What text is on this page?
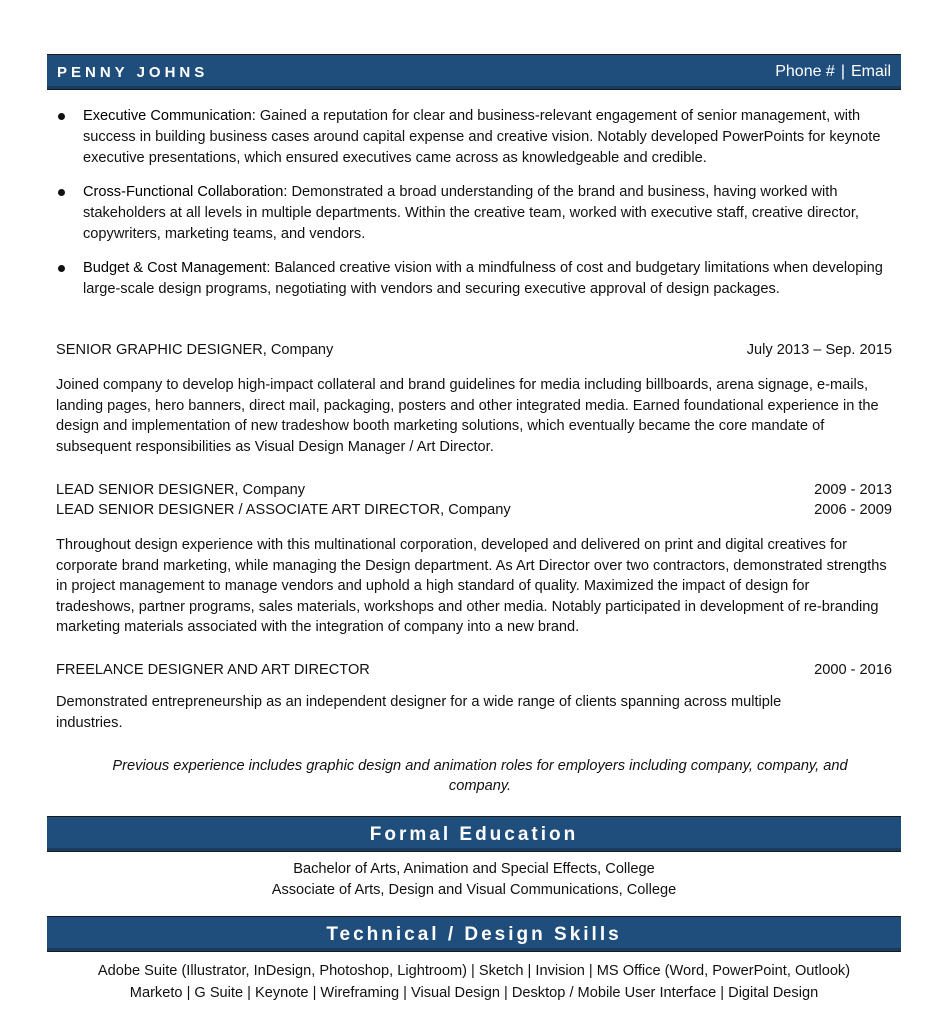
PENNY JOHNS	Phone # | Email
Executive Communication: Gained a reputation for clear and business-relevant engagement of senior management, with success in building business cases around capital expense and creative vision. Notably developed PowerPoints for keynote executive presentations, which ensured executives came across as knowledgeable and credible.
Cross-Functional Collaboration: Demonstrated a broad understanding of the brand and business, having worked with stakeholders at all levels in multiple departments. Within the creative team, worked with executive staff, creative director, copywriters, marketing teams, and vendors.
Budget & Cost Management: Balanced creative vision with a mindfulness of cost and budgetary limitations when developing large-scale design programs, negotiating with vendors and securing executive approval of design packages.
SENIOR GRAPHIC DESIGNER, Company	July 2013 – Sep. 2015
Joined company to develop high-impact collateral and brand guidelines for media including billboards, arena signage, e-mails, landing pages, hero banners, direct mail, packaging, posters and other integrated media. Earned foundational experience in the design and implementation of new tradeshow booth marketing solutions, which eventually became the core mandate of subsequent responsibilities as Visual Design Manager / Art Director.
LEAD SENIOR DESIGNER, Company	2009 - 2013
LEAD SENIOR DESIGNER / ASSOCIATE ART DIRECTOR, Company	2006 - 2009
Throughout design experience with this multinational corporation, developed and delivered on print and digital creatives for corporate brand marketing, while managing the Design department. As Art Director over two contractors, demonstrated strengths in project management to manage vendors and uphold a high standard of quality. Maximized the impact of design for tradeshows, partner programs, sales materials, workshops and other media. Notably participated in development of re-branding marketing materials associated with the integration of company into a new brand.
FREELANCE DESIGNER AND ART DIRECTOR	2000 - 2016
Demonstrated entrepreneurship as an independent designer for a wide range of clients spanning across multiple industries.
Previous experience includes graphic design and animation roles for employers including company, company, and company.
Formal Education
Bachelor of Arts, Animation and Special Effects, College
Associate of Arts, Design and Visual Communications, College
Technical / Design Skills
Adobe Suite (Illustrator, InDesign, Photoshop, Lightroom) | Sketch | Invision | MS Office (Word, PowerPoint, Outlook)
Marketo | G Suite | Keynote | Wireframing | Visual Design | Desktop / Mobile User Interface | Digital Design
